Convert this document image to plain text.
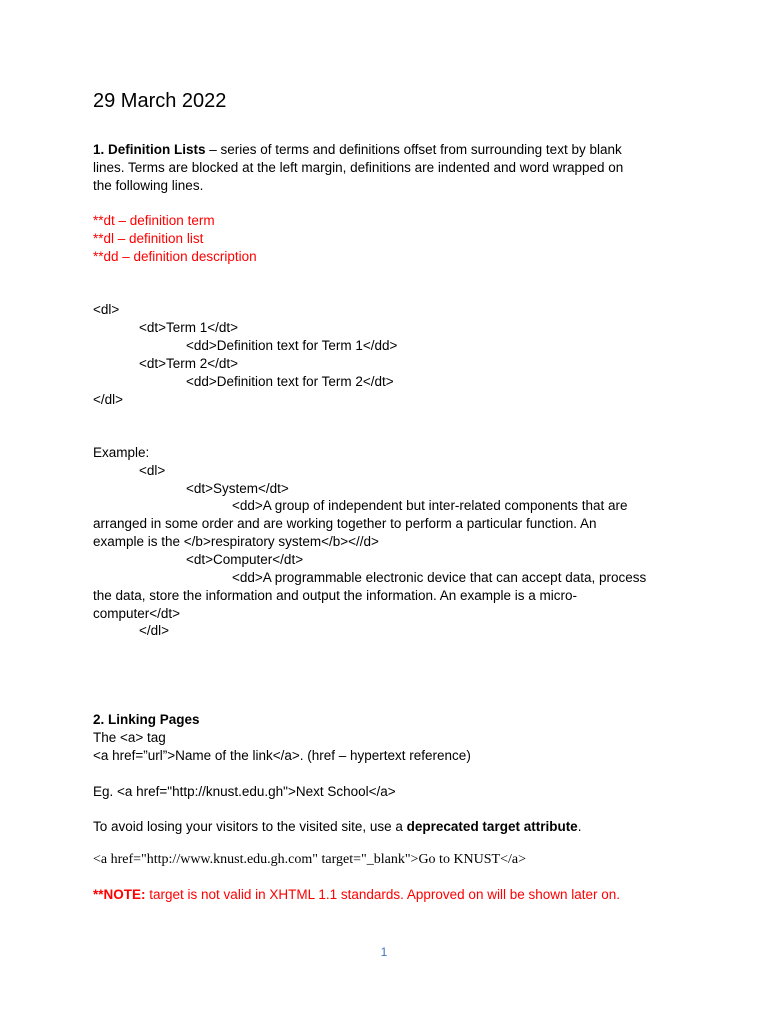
29 March 2022
1. Definition Lists – series of terms and definitions offset from surrounding text by blank
lines. Terms are blocked at the left margin, definitions are indented and word wrapped on
the following lines.
**dt – definition term
**dl – definition list
**dd – definition description
<dl>
<dt>Term 1</dt>
<dd>Definition text for Term 1</dd>
<dt>Term 2</dt>
<dd>Definition text for Term 2</dt>
</dl>
Example:
<dl>
<dt>System</dt>
<dd>A group of independent but inter-related components that are
arranged in some order and are working together to perform a particular function. An
example is the </b>respiratory system</b><//d>
<dt>Computer</dt>
<dd>A programmable electronic device that can accept data, process
the data, store the information and output the information. An example is a micro-
computer</dt>
</dl>
2. Linking Pages
The <a> tag
<a href=”url”>Name of the link</a>. (href – hypertext reference)
Eg. <a href="http://knust.edu.gh">Next School</a>
To avoid losing your visitors to the visited site, use a deprecated target attribute.
<a href="http://www.knust.edu.gh.com" target="_blank">Go to KNUST</a>
**NOTE: target is not valid in XHTML 1.1 standards. Approved on will be shown later on.
1
